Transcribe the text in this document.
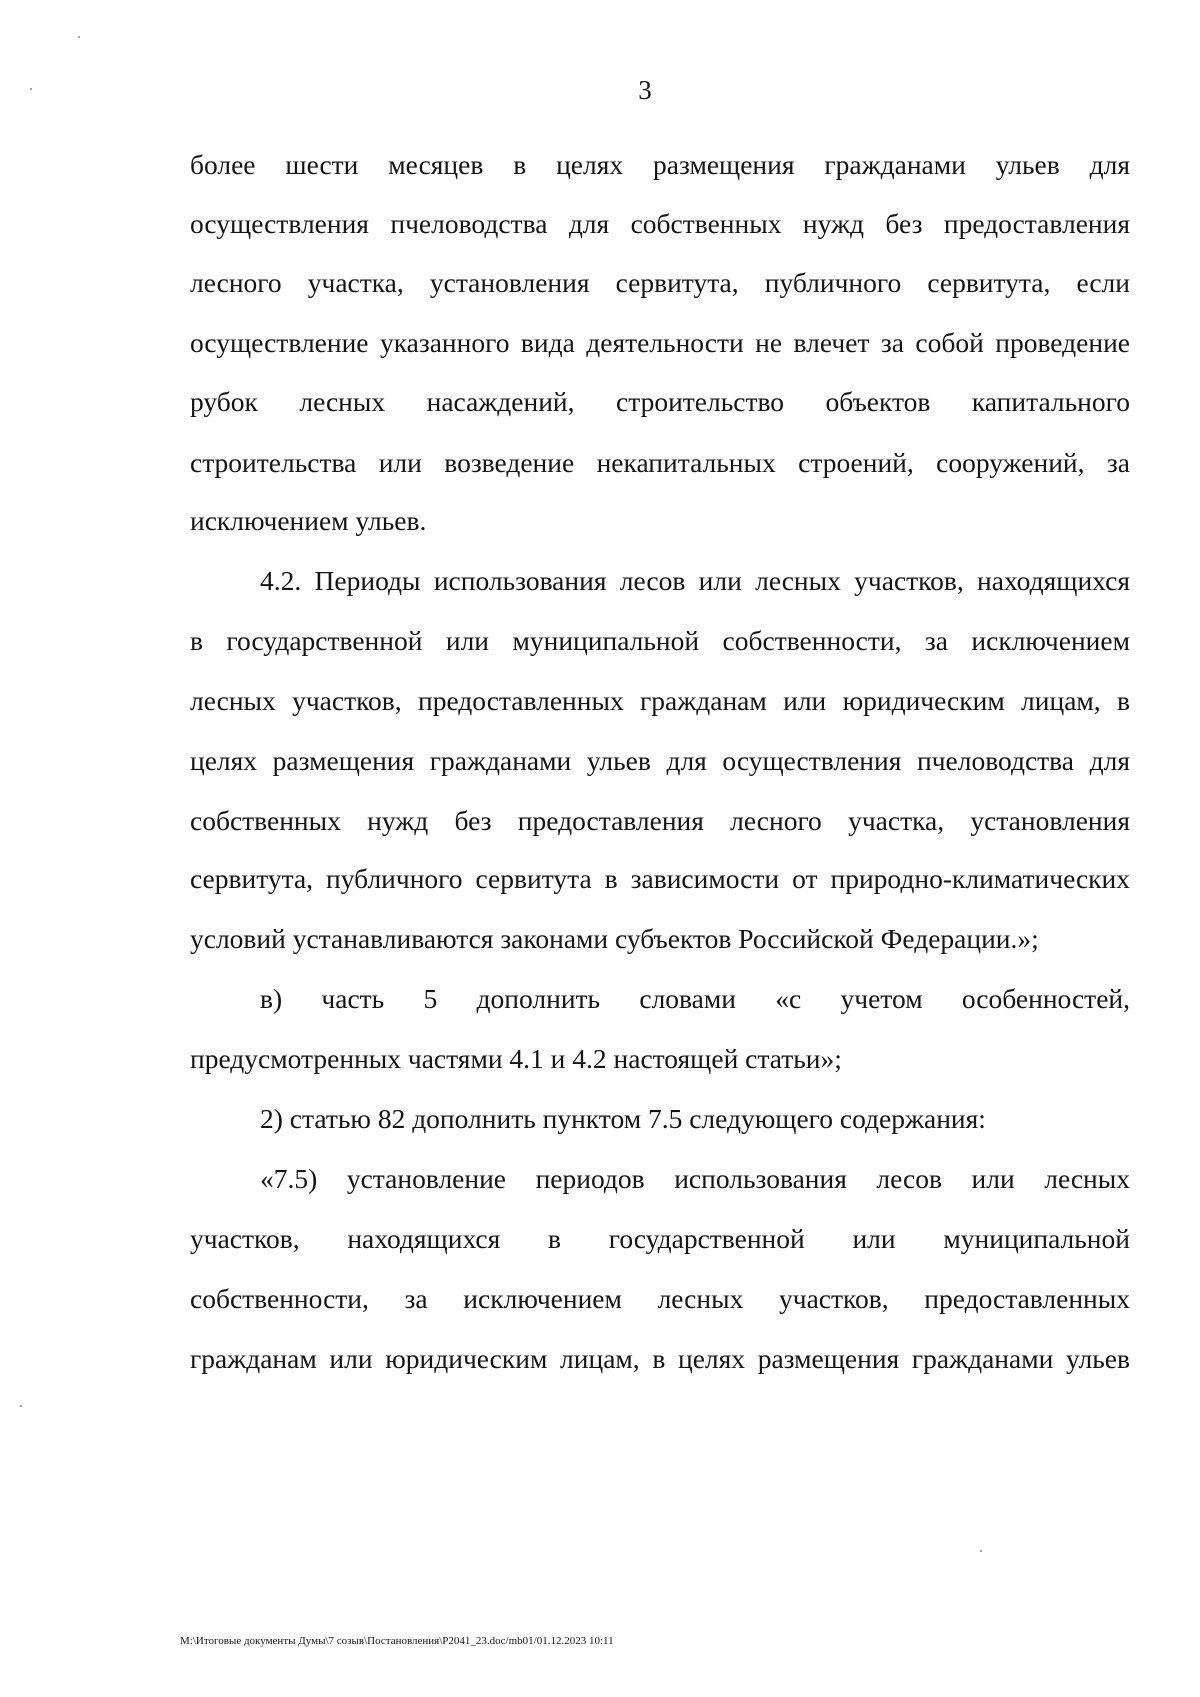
3
более шести месяцев в целях размещения гражданами ульев для
осуществления пчеловодства для собственных нужд без предоставления
лесного участка, установления сервитута, публичного сервитута, если
осуществление указанного вида деятельности не влечет за собой проведение
рубок лесных насаждений, строительство объектов капитального
строительства или возведение некапитальных строений, сооружений, за
исключением ульев.
4.2. Периоды использования лесов или лесных участков, находящихся
в государственной или муниципальной собственности, за исключением
лесных участков, предоставленных гражданам или юридическим лицам, в
целях размещения гражданами ульев для осуществления пчеловодства для
собственных нужд без предоставления лесного участка, установления
сервитута, публичного сервитута в зависимости от природно-климатических
условий устанавливаются законами субъектов Российской Федерации.»;
в) часть 5 дополнить словами «с учетом особенностей,
предусмотренных частями 4.1 и 4.2 настоящей статьи»;
2) статью 82 дополнить пунктом 7.5 следующего содержания:
«7.5) установление периодов использования лесов или лесных
участков, находящихся в государственной или муниципальной
собственности, за исключением лесных участков, предоставленных
гражданам или юридическим лицам, в целях размещения гражданами ульев
M:\Итоговые документы Думы\7 созыв\Постановления\P2041_23.doc/mb01/01.12.2023 10:11
